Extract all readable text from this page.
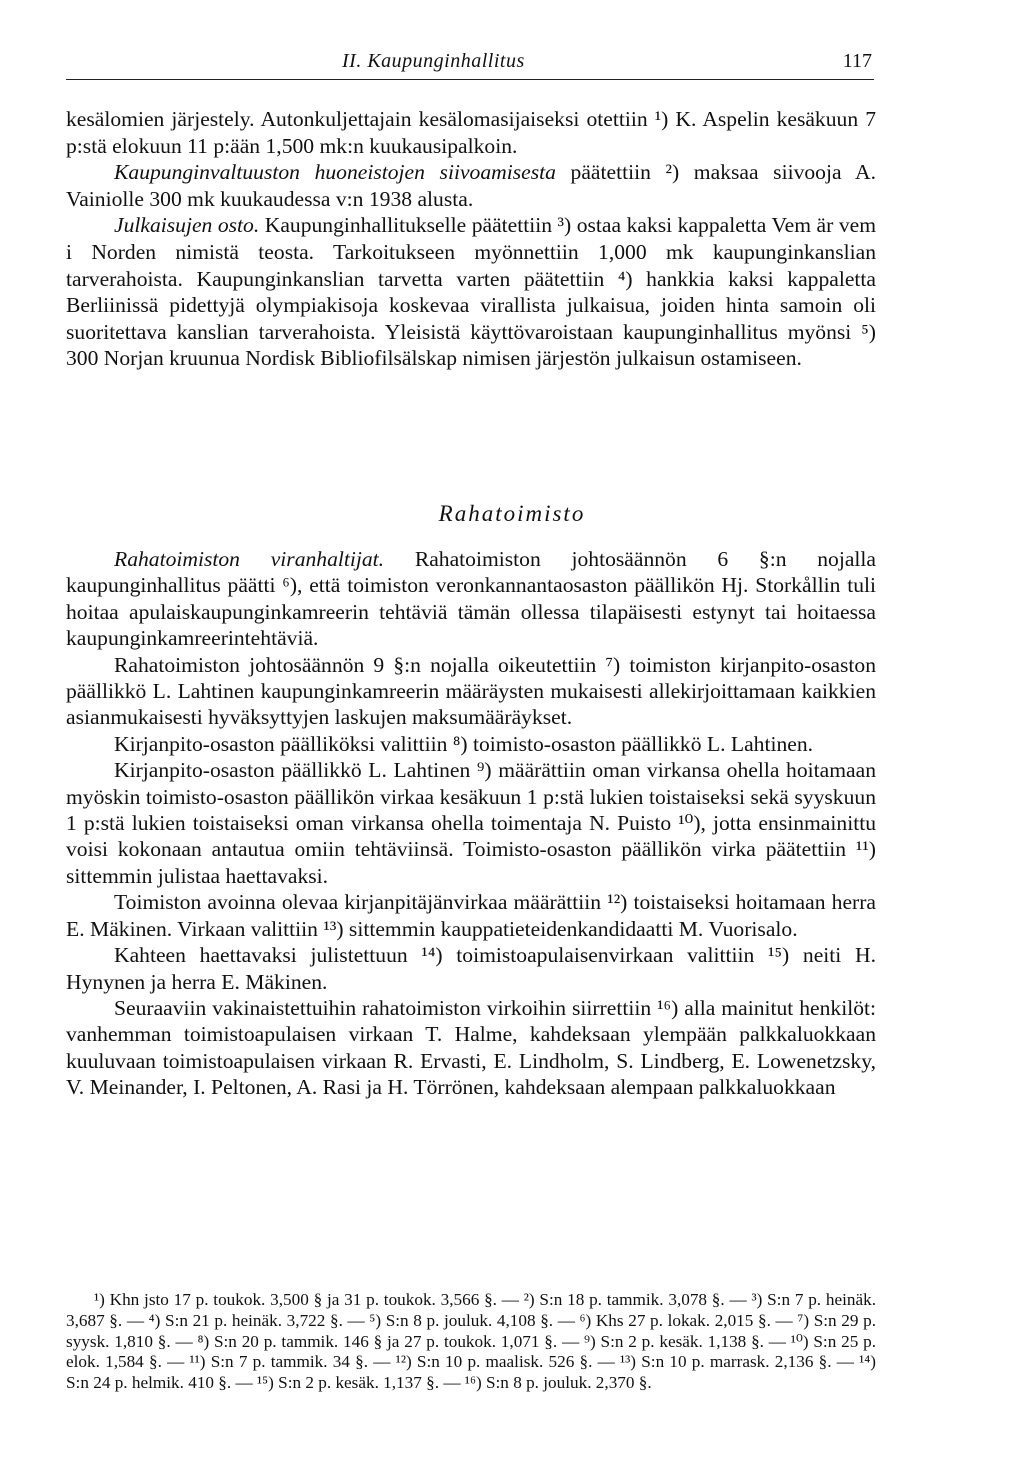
II. Kaupunginhallitus	117

kesälomien järjestely. Autonkuljettajain kesälomasijaiseksi otettiin ¹) K. Aspelin kesäkuun 7 p:stä elokuun 11 p:ään 1,500 mk:n kuukausipalkoin.

Kaupunginvaltuuston huoneistojen siivoamisesta päätettiin ²) maksaa siivooja A. Vainiolle 300 mk kuukaudessa v:n 1938 alusta.

Julkaisujen osto. Kaupunginhallitukselle päätettiin ³) ostaa kaksi kappaletta Vem är vem i Norden nimistä teosta. Tarkoitukseen myönnettiin 1,000 mk kaupunginkanslian tarverahoista. Kaupunginkanslian tarvetta varten päätettiin ⁴) hankkia kaksi kappaletta Berliinissä pidettyjä olympiakisoja koskevaa virallista julkaisua, joiden hinta samoin oli suoritettava kanslian tarverahoista. Yleisistä käyttövaroistaan kaupunginhallitus myönsi ⁵) 300 Norjan kruunua Nordisk Bibliofilsälskap nimisen järjestön julkaisun ostamiseen.

Rahatoimisto

Rahatoimiston viranhaltijat. Rahatoimiston johtosäännön 6 §:n nojalla kaupunginhallitus päätti ⁶), että toimiston veronkannantaosaston päällikön Hj. Storkållin tuli hoitaa apulaiskaupunginkamreerin tehtäviä tämän ollessa tilapäisesti estynyt tai hoitaessa kaupunginkamreerintehtäviä.

Rahatoimiston johtosäännön 9 §:n nojalla oikeutettiin ⁷) toimiston kirjanpito-osaston päällikkö L. Lahtinen kaupunginkamreerin määräysten mukaisesti allekirjoittamaan kaikkien asianmukaisesti hyväksyttyjen laskujen maksumääräykset.

Kirjanpito-osaston päälliköksi valittiin ⁸) toimisto-osaston päällikkö L. Lahtinen.

Kirjanpito-osaston päällikkö L. Lahtinen ⁹) määrättiin oman virkansa ohella hoitamaan myöskin toimisto-osaston päällikön virkaa kesäkuun 1 p:stä lukien toistaiseksi sekä syyskuun 1 p:stä lukien toistaiseksi oman virkansa ohella toimentaja N. Puisto ¹⁰), jotta ensinmainittu voisi kokonaan antautua omiin tehtäviinsä. Toimisto-osaston päällikön virka päätettiin ¹¹) sittemmin julistaa haettavaksi.

Toimiston avoinna olevaa kirjanpitäjänvirkaa määrättiin ¹²) toistaiseksi hoitamaan herra E. Mäkinen. Virkaan valittiin ¹³) sittemmin kauppatieteidenkandidaatti M. Vuorisalo.

Kahteen haettavaksi julistettuun ¹⁴) toimistoapulaisenvirkaan valittiin ¹⁵) neiti H. Hynynen ja herra E. Mäkinen.

Seuraaviin vakinaistettuihin rahatoimiston virkoihin siirrettiin ¹⁶) alla mainitut henkilöt: vanhemman toimistoapulaisen virkaan T. Halme, kahdeksaan ylempään palkkaluokkaan kuuluvaan toimistoapulaisen virkaan R. Ervasti, E. Lindholm, S. Lindberg, E. Lowenetzsky, V. Meinander, I. Peltonen, A. Rasi ja H. Törrönen, kahdeksaan alempaan palkkaluokkaan

¹) Khn jsto 17 p. toukok. 3,500 § ja 31 p. toukok. 3,566 §. — ²) S:n 18 p. tammik. 3,078 §. — ³) S:n 7 p. heinäk. 3,687 §. — ⁴) S:n 21 p. heinäk. 3,722 §. — ⁵) S:n 8 p. jouluk. 4,108 §. — ⁶) Khs 27 p. lokak. 2,015 §. — ⁷) S:n 29 p. syysk. 1,810 §. — ⁸) S:n 20 p. tammik. 146 § ja 27 p. toukok. 1,071 §. — ⁹) S:n 2 p. kesäk. 1,138 §. — ¹⁰) S:n 25 p. elok. 1,584 §. — ¹¹) S:n 7 p. tammik. 34 §. — ¹²) S:n 10 p. maalisk. 526 §. — ¹³) S:n 10 p. marrask. 2,136 §. — ¹⁴) S:n 24 p. helmik. 410 §. — ¹⁵) S:n 2 p. kesäk. 1,137 §. — ¹⁶) S:n 8 p. jouluk. 2,370 §.
